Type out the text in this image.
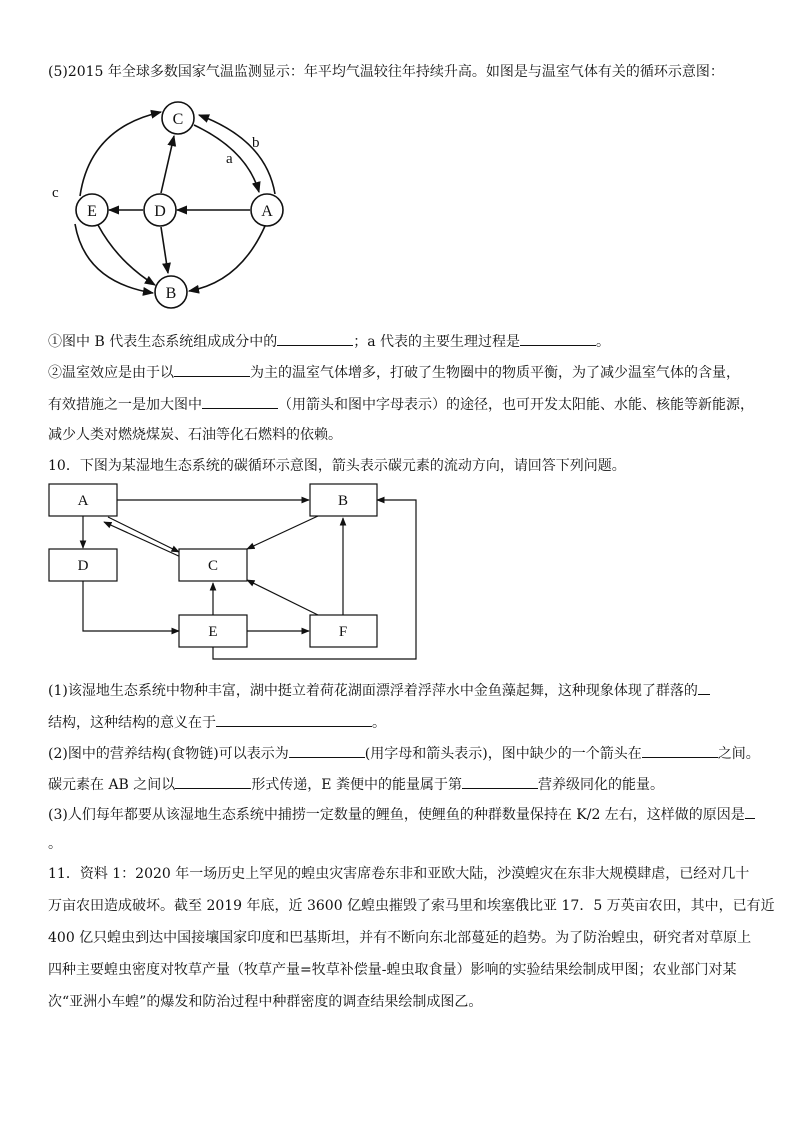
(5)2015 年全球多数国家气温监测显示：年平均气温较往年持续升高。如图是与温室气体有关的循环示意图：
C
E	D	A
B
a
b
c
①图中 B 代表生态系统组成成分中的	；a 代表的主要生理过程是	。
②温室效应是由于以	为主的温室气体增多，打破了生物圈中的物质平衡，为了减少温室气体的含量，
有效措施之一是加大图中	（用箭头和图中字母表示）的途径，也可开发太阳能、水能、核能等新能源，
减少人类对燃烧煤炭、石油等化石燃料的依赖。
10．下图为某湿地生态系统的碳循环示意图，箭头表示碳元素的流动方向，请回答下列问题。
A	B
C
D
E	F
(1)该湿地生态系统中物种丰富，湖中挺立着荷花湖面漂浮着浮萍水中金鱼藻起舞，这种现象体现了群落的
结构，这种结构的意义在于	。
(2)图中的营养结构(食物链)可以表示为	(用字母和箭头表示)，图中缺少的一个箭头在	之间。
碳元素在 AB 之间以	形式传递，E 粪便中的能量属于第	营养级同化的能量。
(3)人们每年都要从该湿地生态系统中捕捞一定数量的鲤鱼，使鲤鱼的种群数量保持在 K/2 左右，这样做的原因是
。
11．资料 1：2020 年一场历史上罕见的蝗虫灾害席卷东非和亚欧大陆，沙漠蝗灾在东非大规模肆虐，已经对几十
万亩农田造成破坏。截至 2019 年底，近 3600 亿蝗虫摧毁了索马里和埃塞俄比亚 17．5 万英亩农田，其中，已有近
400 亿只蝗虫到达中国接壤国家印度和巴基斯坦，并有不断向东北部蔓延的趋势。为了防治蝗虫，研究者对草原上
四种主要蝗虫密度对牧草产量（牧草产量=牧草补偿量-蝗虫取食量）影响的实验结果绘制成甲图；农业部门对某
次“亚洲小车蝗”的爆发和防治过程中种群密度的调查结果绘制成图乙。
